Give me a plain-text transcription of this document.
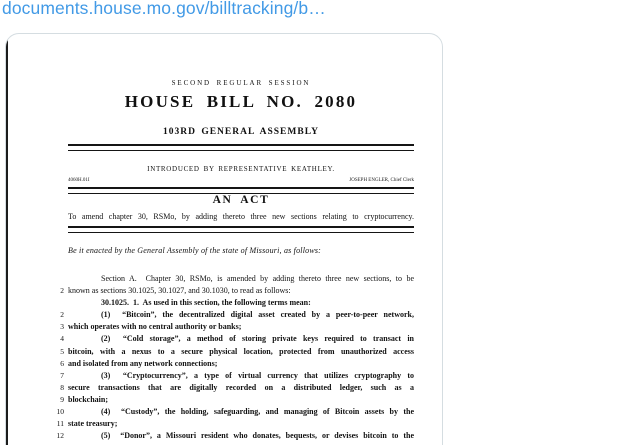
documents.house.mo.gov/billtracking/b…
SECOND REGULAR SESSION
HOUSE BILL NO. 2080
103RD GENERAL ASSEMBLY
INTRODUCED BY REPRESENTATIVE KEATHLEY.
4060H.01I	JOSEPH ENGLER, Chief Clerk
AN ACT
To amend chapter 30, RSMo, by adding thereto three new sections relating to cryptocurrency.
Be it enacted by the General Assembly of the state of Missouri, as follows:
Section A.  Chapter 30, RSMo, is amended by adding thereto three new sections, to be
2 known as sections 30.1025, 30.1027, and 30.1030, to read as follows:
30.1025.  1.  As used in this section, the following terms mean:
2	(1)  “Bitcoin”, the decentralized digital asset created by a peer-to-peer network,
3 which operates with no central authority or banks;
4	(2)  “Cold storage”, a method of storing private keys required to transact in
5 bitcoin, with a nexus to a secure physical location, protected from unauthorized access
6 and isolated from any network connections;
7	(3)  “Cryptocurrency”, a type of virtual currency that utilizes cryptography to
8 secure transactions that are digitally recorded on a distributed ledger, such as a
9 blockchain;
10	(4)  “Custody”, the holding, safeguarding, and managing of Bitcoin assets by the
11 state treasury;
12	(5)  “Donor”, a Missouri resident who donates, bequests, or devises bitcoin to the
